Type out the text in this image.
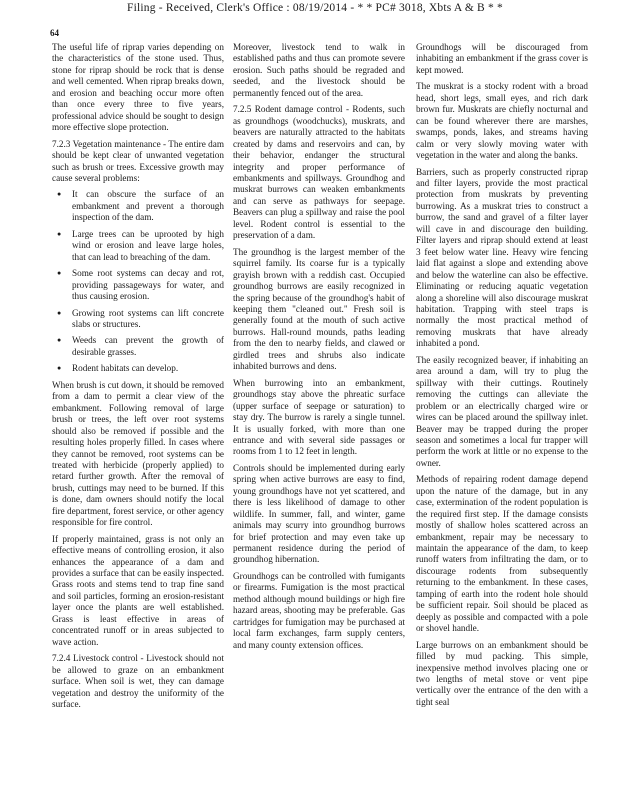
Filing - Received, Clerk's Office : 08/19/2014 - * * PC# 3018, Xbts A & B * *
64

The useful life of riprap varies depending on the characteristics of the stone used. Thus, stone for riprap should be rock that is dense and well cemented. When riprap breaks down, and erosion and beaching occur more often than once every three to five years, professional advice should be sought to design more effective slope protection.

7.2.3 Vegetation maintenance - The entire dam should be kept clear of unwanted vegetation such as brush or trees. Excessive growth may cause several problems:

● It can obscure the surface of an embankment and prevent a thorough inspection of the dam.
● Large trees can be uprooted by high wind or erosion and leave large holes, that can lead to breaching of the dam.
● Some root systems can decay and rot, providing passageways for water, and thus causing erosion.
● Growing root systems can lift concrete slabs or structures.
● Weeds can prevent the growth of desirable grasses.
● Rodent habitats can develop.

When brush is cut down, it should be removed from a dam to permit a clear view of the embankment. Following removal of large brush or trees, the left over root systems should also be removed if possible and the resulting holes properly filled. In cases where they cannot be removed, root systems can be treated with herbicide (properly applied) to retard further growth. After the removal of brush, cuttings may need to be burned. If this is done, dam owners should notify the local fire department, forest service, or other agency responsible for fire control.

If properly maintained, grass is not only an effective means of controlling erosion, it also enhances the appearance of a dam and provides a surface that can be easily inspected. Grass roots and stems tend to trap fine sand and soil particles, forming an erosion-resistant layer once the plants are well established. Grass is least effective in areas of concentrated runoff or in areas subjected to wave action.

7.2.4 Livestock control - Livestock should not be allowed to graze on an embankment surface. When soil is wet, they can damage vegetation and destroy the uniformity of the surface.

Moreover, livestock tend to walk in established paths and thus can promote severe erosion. Such paths should be regraded and seeded, and the livestock should be permanently fenced out of the area.

7.2.5 Rodent damage control - Rodents, such as groundhogs (woodchucks), muskrats, and beavers are naturally attracted to the habitats created by dams and reservoirs and can, by their behavior, endanger the structural integrity and proper performance of embankments and spillways. Groundhog and muskrat burrows can weaken embankments and can serve as pathways for seepage. Beavers can plug a spillway and raise the pool level. Rodent control is essential to the preservation of a dam.

The groundhog is the largest member of the squirrel family. Its coarse fur is a typically grayish brown with a reddish cast. Occupied groundhog burrows are easily recognized in the spring because of the groundhog's habit of keeping them "cleaned out." Fresh soil is generally found at the mouth of such active burrows. Hall-round mounds, paths leading from the den to nearby fields, and clawed or girdled trees and shrubs also indicate inhabited burrows and dens.

When burrowing into an embankment, groundhogs stay above the phreatic surface (upper surface of seepage or saturation) to stay dry. The burrow is rarely a single tunnel. It is usually forked, with more than one entrance and with several side passages or rooms from 1 to 12 feet in length.

Controls should be implemented during early spring when active burrows are easy to find, young groundhogs have not yet scattered, and there is less likelihood of damage to other wildlife. In summer, fall, and winter, game animals may scurry into groundhog burrows for brief protection and may even take up permanent residence during the period of groundhog hibernation.

Groundhogs can be controlled with fumigants or firearms. Fumigation is the most practical method although mound buildings or high fire hazard areas, shooting may be preferable. Gas cartridges for fumigation may be purchased at local farm exchanges, farm supply centers, and many county extension offices.

Groundhogs will be discouraged from inhabiting an embankment if the grass cover is kept mowed.

The muskrat is a stocky rodent with a broad head, short legs, small eyes, and rich dark brown fur. Muskrats are chiefly nocturnal and can be found wherever there are marshes, swamps, ponds, lakes, and streams having calm or very slowly moving water with vegetation in the water and along the banks.

Barriers, such as properly constructed riprap and filter layers, provide the most practical protection from muskrats by preventing burrowing. As a muskrat tries to construct a burrow, the sand and gravel of a filter layer will cave in and discourage den building. Filter layers and riprap should extend at least 3 feet below water line. Heavy wire fencing laid flat against a slope and extending above and below the waterline can also be effective. Eliminating or reducing aquatic vegetation along a shoreline will also discourage muskrat habitation. Trapping with steel traps is normally the most practical method of removing muskrats that have already inhabited a pond.

The easily recognized beaver, if inhabiting an area around a dam, will try to plug the spillway with their cuttings. Routinely removing the cuttings can alleviate the problem or an electrically charged wire or wires can be placed around the spillway inlet. Beaver may be trapped during the proper season and sometimes a local fur trapper will perform the work at little or no expense to the owner.

Methods of repairing rodent damage depend upon the nature of the damage, but in any case, extermination of the rodent population is the required first step. If the damage consists mostly of shallow holes scattered across an embankment, repair may be necessary to maintain the appearance of the dam, to keep runoff waters from infiltrating the dam, or to discourage rodents from subsequently returning to the embankment. In these cases, tamping of earth into the rodent hole should be sufficient repair. Soil should be placed as deeply as possible and compacted with a pole or shovel handle.

Large burrows on an embankment should be filled by mud packing. This simple, inexpensive method involves placing one or two lengths of metal stove or vent pipe vertically over the entrance of the den with a tight seal
